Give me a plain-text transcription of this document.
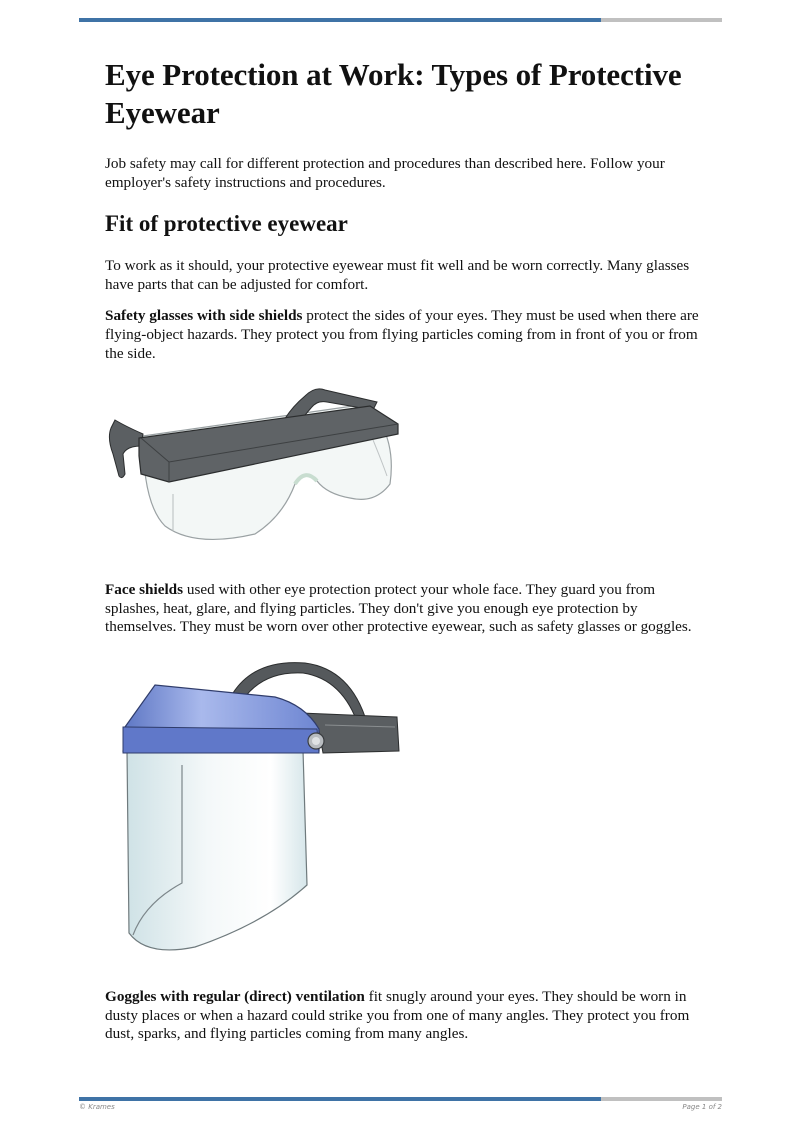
Eye Protection at Work: Types of Protective Eyewear

Job safety may call for different protection and procedures than described here. Follow your employer's safety instructions and procedures.

Fit of protective eyewear

To work as it should, your protective eyewear must fit well and be worn correctly. Many glasses have parts that can be adjusted for comfort.

Safety glasses with side shields protect the sides of your eyes. They must be used when there are flying-object hazards. They protect you from flying particles coming from in front of you or from the side.

Face shields used with other eye protection protect your whole face. They guard you from splashes, heat, glare, and flying particles. They don't give you enough eye protection by themselves. They must be worn over other protective eyewear, such as safety glasses or goggles.

Goggles with regular (direct) ventilation fit snugly around your eyes. They should be worn in dusty places or when a hazard could strike you from one of many angles. They protect you from dust, sparks, and flying particles coming from many angles.

© Krames	Page 1 of 2
